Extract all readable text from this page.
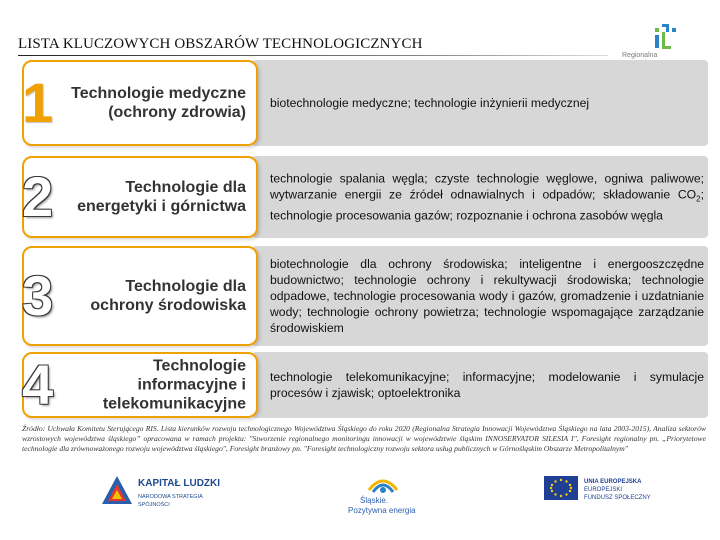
LISTA KLUCZOWYCH OBSZARÓW TECHNOLOGICZNYCH
Regionalna
1 Technologie medyczne
(ochrony zdrowia)
biotechnologie medyczne; technologie inżynierii medycznej
2	Technologie dla
energetyki i górnictwa
technologie spalania węgla; czyste technologie węglowe, ogniwa paliwowe; wytwarzanie energii ze źródeł odnawialnych i odpadów; składowanie $CO_2$; technologie procesowania gazów; rozpoznanie i ochrona zasobów węgla
3	Technologie dla
ochrony środowiska
biotechnologie dla ochrony środowiska; inteligentne i energooszczędne budownictwo; technologie ochrony i rekultywacji środowiska; technologie odpadowe, technologie procesowania wody i gazów, gromadzenie i uzdatnianie wody; technologie ochrony powietrza; technologie wspomagające zarządzanie środowiskiem
4	Technologie
informacyjne i
telekomunikacyjne
technologie telekomunikacyjne; informacyjne; modelowanie i symulacje procesów i zjawisk; optoelektronika
Źródło: Uchwała Komitetu Sterującego RIS. Lista kierunków rozwoju technologicznego Województwa Śląskiego do roku 2020 (Regionalna Strategia Innowacji Województwa Śląskiego na lata 2003-2015), Analiza sektorów wzrostowych województwa śląskiego” opracowana w ramach projektu: "Stworzenie regionalnego monitoringu innowacji w województwie śląskim INNOSERVATOR SILESIA I", Foresight regionalny pn. „Priorytetowe technologie dla zrównoważonego rozwoju województwa śląskiego", Foresight branżowy pn. "Foresight technologiczny rozwoju sektora usług publicznych w Górnośląskim Obszarze Metropolitalnym"
KAPITAŁ LUDZKI
NARODOWA STRATEGIA SPÓJNOŚCI	Śląskie.
Pozytywna energia
UNIA EUROPEJSKA
EUROPEJSKI
FUNDUSZ SPOŁECZNY
